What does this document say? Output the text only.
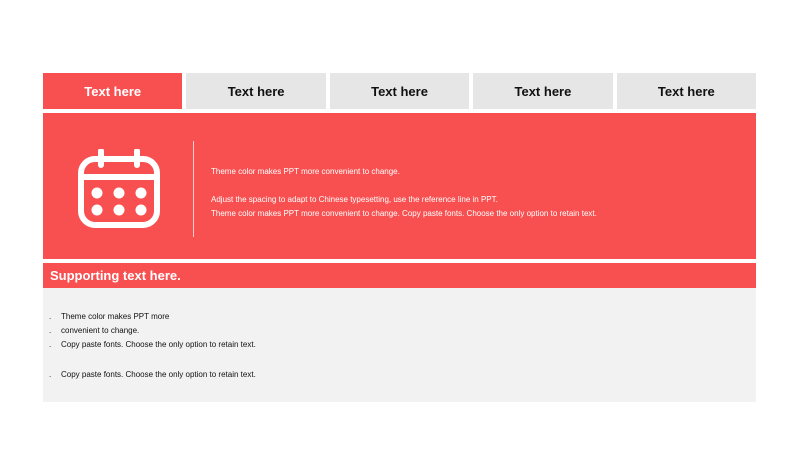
Text here	Text here	Text here	Text here	Text here
Theme color makes PPT more convenient to change.
Adjust the spacing to adapt to Chinese typesetting, use the reference line in PPT.
Theme color makes PPT more convenient to change. Copy paste fonts. Choose the only option to retain text.
Supporting text here.
.	Theme color makes PPT more
.	convenient to change.
.	Copy paste fonts. Choose the only option to retain text.
.	Copy paste fonts. Choose the only option to retain text.
